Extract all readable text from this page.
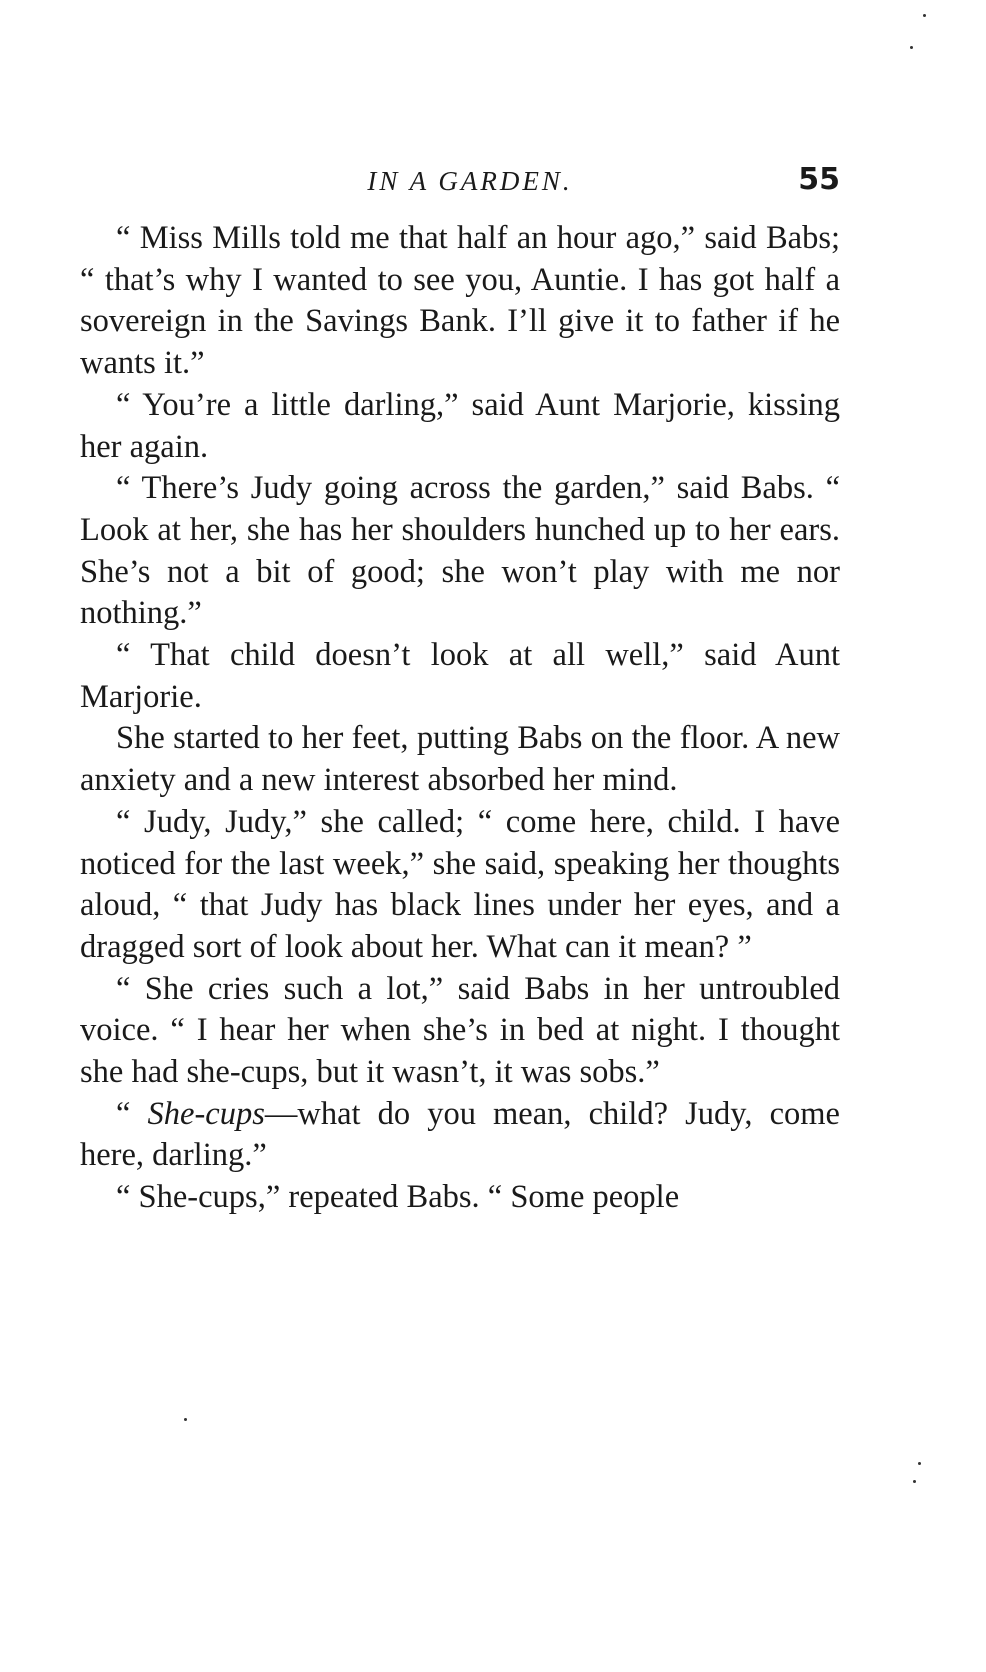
IN A GARDEN.	55

“ Miss Mills told me that half an hour ago,” said Babs; “ that’s why I wanted to see you, Auntie. I has got half a sovereign in the Savings Bank. I’ll give it to father if he wants it.”

“ You’re a little darling,” said Aunt Marjorie, kissing her again.

“ There’s Judy going across the garden,” said Babs. “ Look at her, she has her shoulders hunched up to her ears. She’s not a bit of good; she won’t play with me nor nothing.”

“ That child doesn’t look at all well,” said Aunt Marjorie.

She started to her feet, putting Babs on the floor. A new anxiety and a new interest absorbed her mind.

“ Judy, Judy,” she called; “ come here, child. I have noticed for the last week,” she said, speaking her thoughts aloud, “ that Judy has black lines under her eyes, and a dragged sort of look about her. What can it mean? ”

“ She cries such a lot,” said Babs in her untroubled voice. “ I hear her when she’s in bed at night. I thought she had she-cups, but it wasn’t, it was sobs.”

“ She-cups—what do you mean, child? Judy, come here, darling.”

“ She-cups,” repeated Babs. “ Some people
